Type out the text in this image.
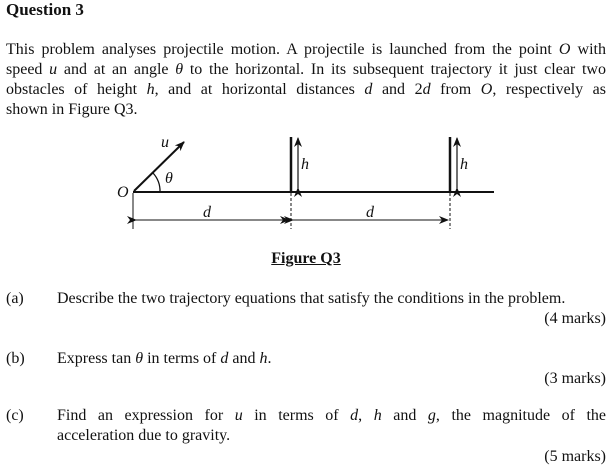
Question 3
This problem analyses projectile motion. A projectile is launched from the point O with
speed u and at an angle θ to the horizontal. In its subsequent trajectory it just clear two
obstacles of height h, and at horizontal distances d and 2d from O, respectively as
shown in Figure Q3.
O
u
θ
h	h
d	d
Figure Q3
(a) Describe the two trajectory equations that satisfy the conditions in the problem.
(4 marks)
(b) Express tan θ in terms of d and h.
(3 marks)
(c) Find an expression for u in terms of d, h and g, the magnitude of the
acceleration due to gravity.
(5 marks)
